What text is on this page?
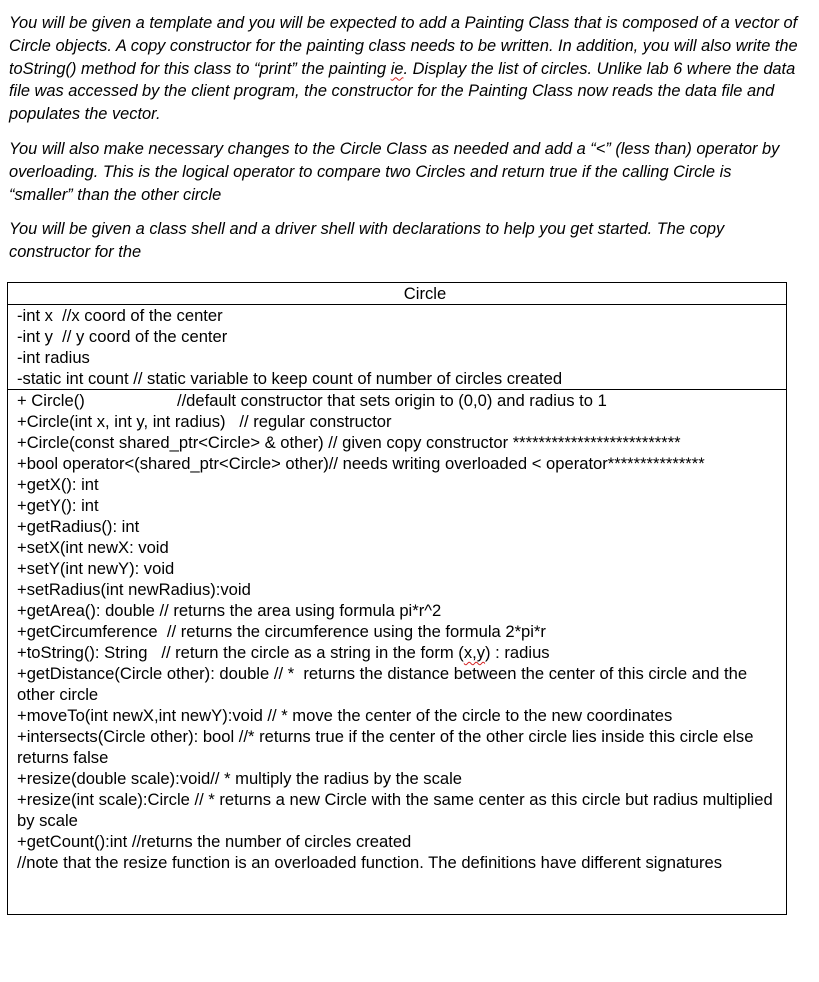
You will be given a template and you will be expected to add a Painting Class that is composed of a vector of Circle objects. A copy constructor for the painting class needs to be written. In addition, you will also write the toString() method for this class to “print” the painting ie. Display the list of circles. Unlike lab 6 where the data file was accessed by the client program, the constructor for the Painting Class now reads the data file and populates the vector.

You will also make necessary changes to the Circle Class as needed and add a “<” (less than) operator by overloading. This is the logical operator to compare two Circles and return true if the calling Circle is “smaller” than the other circle

You will be given a class shell and a driver shell with declarations to help you get started. The copy constructor for the

Circle
-int x  //x coord of the center
-int y  // y coord of the center
-int radius
-static int count // static variable to keep count of number of circles created
+ Circle()                    //default constructor that sets origin to (0,0) and radius to 1
+Circle(int x, int y, int radius)   // regular constructor
+Circle(const shared_ptr<Circle> & other) // given copy constructor **************************
+bool operator<(shared_ptr<Circle> other)// needs writing overloaded < operator***************
+getX(): int
+getY(): int
+getRadius(): int
+setX(int newX: void
+setY(int newY): void
+setRadius(int newRadius):void
+getArea(): double // returns the area using formula pi*r^2
+getCircumference  // returns the circumference using the formula 2*pi*r
+toString(): String   // return the circle as a string in the form (x,y) : radius
+getDistance(Circle other): double // *  returns the distance between the center of this circle and the other circle
+moveTo(int newX,int newY):void // * move the center of the circle to the new coordinates
+intersects(Circle other): bool //* returns true if the center of the other circle lies inside this circle else returns false
+resize(double scale):void// * multiply the radius by the scale
+resize(int scale):Circle // * returns a new Circle with the same center as this circle but radius multiplied by scale
+getCount():int //returns the number of circles created
//note that the resize function is an overloaded function. The definitions have different signatures
